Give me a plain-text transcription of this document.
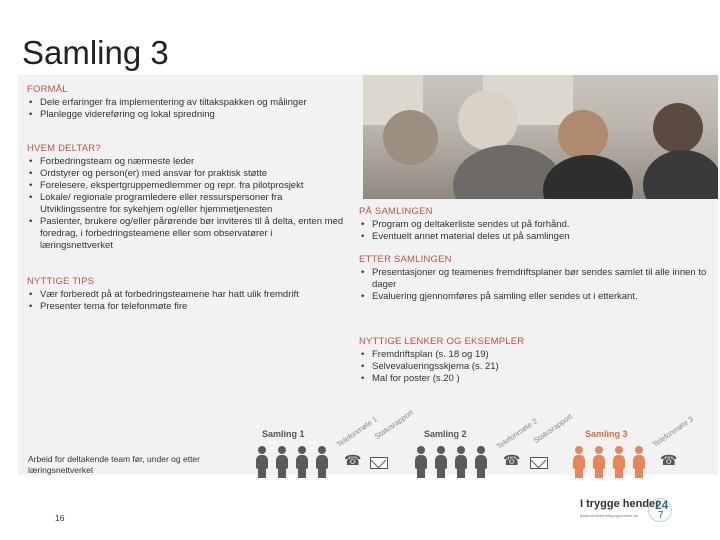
Samling 3
FORMÅL
• Dele erfaringer fra implementering av tiltakspakken og målinger
• Planlegge videreføring og lokal spredning
HVEM DELTAR?
• Forbedringsteam og nærmeste leder
• Ordstyrer og person(er) med ansvar for praktisk støtte
• Forelesere, ekspertgruppemedlemmer og repr. fra pilotprosjekt
• Lokale/ regionale programledere eller ressurspersoner fra Utviklingssentre for sykehjem og/eller hjemmetjenesten
• Pasienter, brukere og/eller pårørende bør inviteres til å delta, enten med foredrag, i forbedringsteamene eller som observatører i læringsnettverket
NYTTIGE TIPS
• Vær forberedt på at forbedringsteamene har hatt ulik fremdrift
• Presenter tema for telefonmøte fire
PÅ SAMLINGEN
• Program og deltakerliste sendes ut på forhånd.
• Eventuelt annet material deles ut på samlingen
ETTER SAMLINGEN
• Presentasjoner og teamenes fremdriftsplaner bør sendes samlet til alle innen to dager
• Evaluering gjennomføres på samling eller sendes ut i etterkant.
NYTTIGE LENKER OG EKSEMPLER
• Fremdriftsplan (s. 18 og 19)
• Selvevalueringsskjema (s. 21)
• Mal for poster (s.20 )
Samling 1	Samling 2	Samling 3
Telefonmøte 1
Statusrapport	Telefonmøte 2
Statusrapport	Telefonmøte 3
☎	☎	☎
Arbeid for deltakende team før, under og etter læringsnettverket
16
I trygge hender
24
7
pasientsikkerhetsprogrammet.no
